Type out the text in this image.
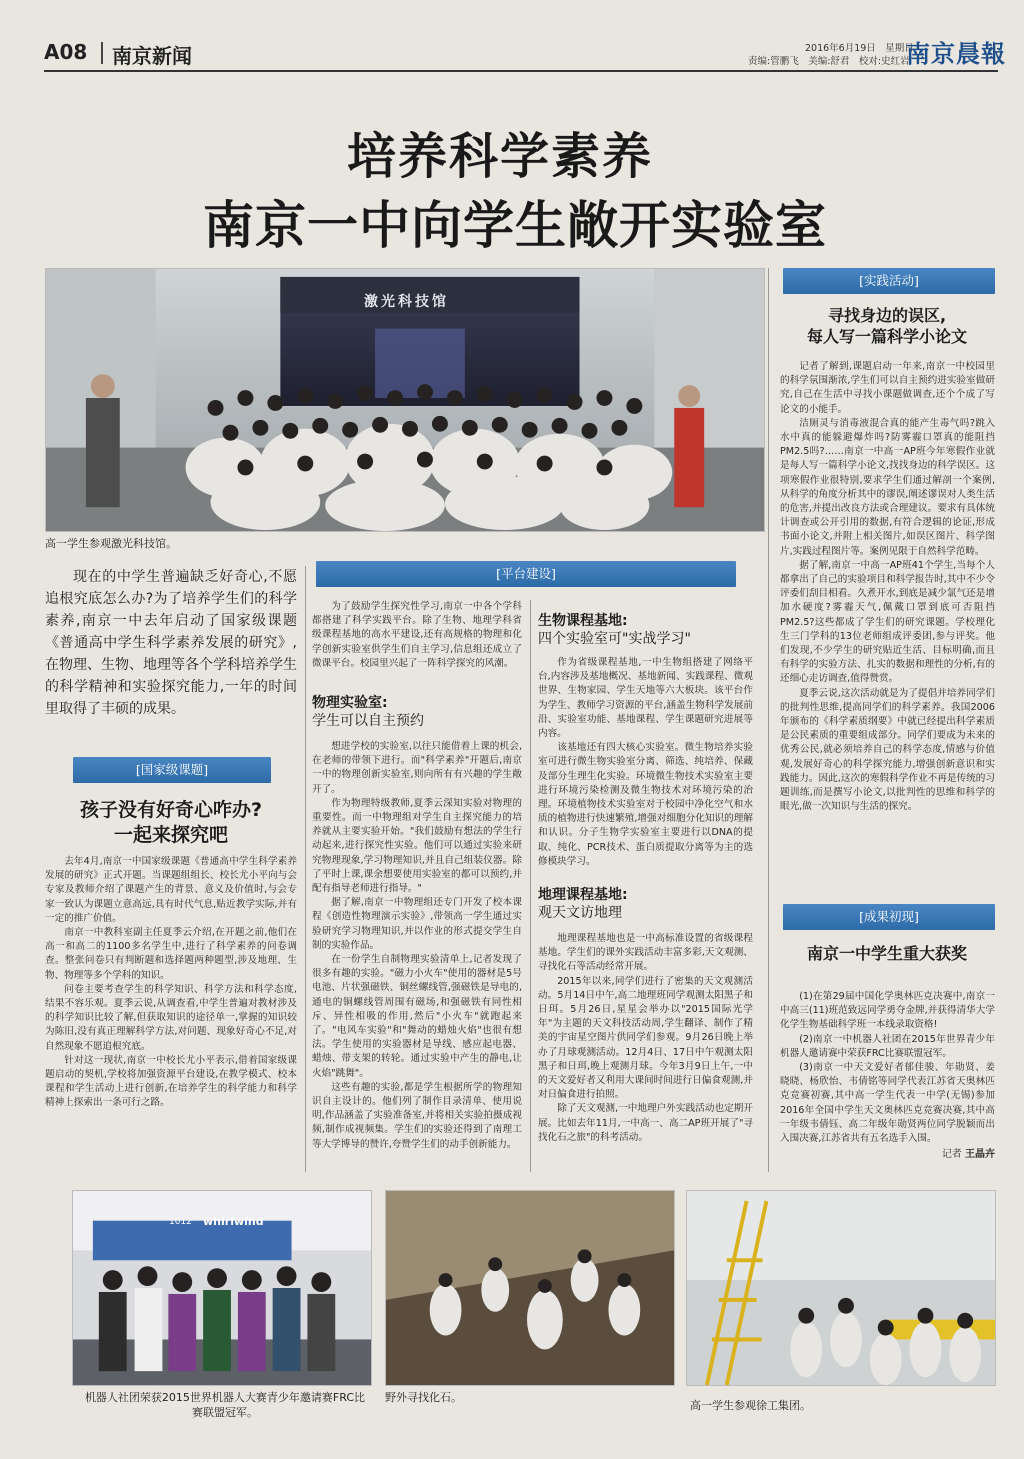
A08 南京新闻	2016年6月19日　星期日
责编:管鹏飞　美编:舒君　校对:史红岩
南京晨報
培养科学素养
南京一中向学生敞开实验室
激光科技馆
高一学生参观激光科技馆。
现在的中学生普遍缺乏好奇心,不愿追根究底怎么办?为了培养学生们的科学素养,南京一中去年启动了国家级课题《普通高中学生科学素养发展的研究》,在物理、生物、地理等各个学科培养学生的科学精神和实验探究能力,一年的时间里取得了丰硕的成果。
[国家级课题]
孩子没有好奇心咋办?
一起来探究吧

去年4月,南京一中国家级课题《普通高中学生科学素养发展的研究》正式开题。当课题组组长、校长尤小平向与会专家及教师介绍了课题产生的背景、意义及价值时,与会专家一致认为课题立意高远,具有时代气息,贴近教学实际,并有一定的推广价值。

南京一中教科室副主任夏季云介绍,在开题之前,他们在高一和高二的1100多名学生中,进行了科学素养的问卷调查。整张问卷只有判断题和选择题两种题型,涉及地理、生物、物理等多个学科的知识。

问卷主要考查学生的科学知识、科学方法和科学态度,结果不容乐观。夏季云说,从调查看,中学生普遍对教材涉及的科学知识比较了解,但获取知识的途径单一,掌握的知识较为陈旧,没有真正理解科学方法,对问题、现象好奇心不足,对自然现象不愿追根究底。

针对这一现状,南京一中校长尤小平表示,借着国家级课题启动的契机,学校将加强资源平台建设,在教学模式、校本课程和学生活动上进行创新,在培养学生的科学能力和科学精神上探索出一条可行之路。

[平台建设]

为了鼓励学生探究性学习,南京一中各个学科都搭建了科学实践平台。除了生物、地理学科省级课程基地的高水平建设,还有高规格的物理和化学创新实验室供学生们自主学习,信息组还成立了微课平台。校园里兴起了一阵科学探究的风潮。

物理实验室:
学生可以自主预约

想进学校的实验室,以往只能借着上课的机会,在老师的带领下进行。而"科学素养"开题后,南京一中的物理创新实验室,则向所有有兴趣的学生敞开了。

作为物理特级教师,夏季云深知实验对物理的重要性。而一中物理组对学生自主探究能力的培养就从主要实验开始。"我们鼓励有想法的学生行动起来,进行探究性实验。他们可以通过实验来研究物理现象,学习物理知识,并且自己组装仪器。除了平时上课,课余想要使用实验室的都可以预约,并配有指导老师进行指导。"

据了解,南京一中物理组还专门开发了校本课程《创造性物理演示实验》,带领高一学生通过实验研究学习物理知识,并以作业的形式提交学生自制的实验作品。

在一份学生自制物理实验清单上,记者发现了很多有趣的实验。"磁力小火车"使用的器材是5号电池、片状强磁铁、铜丝螺线管,强磁铁是导电的,通电的铜螺线管周围有磁场,和强磁铁有同性相斥、异性相吸的作用,然后"小火车"就跑起来了。"电风车实验"和"舞动的蜡烛火焰"也很有想法。学生使用的实验器材是导线、感应起电器、蜡烛、带支架的转轮。通过实验中产生的静电,让火焰"跳舞"。

这些有趣的实验,都是学生根据所学的物理知识自主设计的。他们列了制作目录清单、使用说明,作品涵盖了实验准备室,并将相关实验拍摄成视频,制作成视频集。学生们的实验还得到了南理工等大学博导的赞许,夸赞学生们的动手创新能力。

生物课程基地:
四个实验室可"实战学习"

作为省级课程基地,一中生物组搭建了网络平台,内容涉及基地概况、基地新闻、实践课程、微观世界、生物家园、学生天地等六大板块。该平台作为学生、教师学习资源的平台,涵盖生物科学发展前沿、实验室功能、基地课程、学生课题研究进展等内容。

该基地还有四大核心实验室。微生物培养实验室可进行微生物实验室分离、筛选、纯培养、保藏及部分生理生化实验。环境微生物技术实验室主要进行环境污染检测及微生物技术对环境污染的治理。环境植物技术实验室对于校园中净化空气和水质的植物进行快速繁殖,增强对细胞分化知识的理解和认识。分子生物学实验室主要进行以DNA的提取、纯化、PCR技术、蛋白质提取分离等为主的选修模块学习。

地理课程基地:
观天文访地理

地理课程基地也是一中高标准设置的省级课程基地。学生们的课外实践活动丰富多彩,天文观测、寻找化石等活动经常开展。

2015年以来,同学们进行了密集的天文观测活动。5月14日中午,高二地理班同学观测太阳黑子和日珥。5月26日,星星会举办以"2015国际光学年"为主题的天文科技活动周,学生翻译、制作了精美的宇宙星空图片供同学们参观。9月26日晚上举办了月球观测活动。12月4日、17日中午观测太阳黑子和日珥,晚上观测月球。今年3月9日上午,一中的天文爱好者又利用大课间时间进行日偏食观测,并对日偏食进行拍照。

除了天文观测,一中地理户外实践活动也定期开展。比如去年11月,一中高一、高二AP班开展了"寻找化石之旅"的科考活动。

[实践活动]
寻找身边的误区,
每人写一篇科学小论文

记者了解到,课题启动一年来,南京一中校园里的科学氛围渐浓,学生们可以自主预约进实验室做研究,自己在生活中寻找小课题做调查,还个个成了写论文的小能手。

洁厕灵与消毒液混合真的能产生毒气吗?跳入水中真的能躲避爆炸吗?防雾霾口罩真的能阻挡PM2.5吗?……南京一中高一AP班今年寒假作业就是每人写一篇科学小论文,找找身边的科学误区。这项寒假作业很特别,要求学生们通过解剖一个案例,从科学的角度分析其中的谬误,阐述谬误对人类生活的危害,并提出改良方法或合理建议。要求有具体统计调查或公开引用的数据,有符合逻辑的论证,形成书面小论文,并附上相关图片,如误区图片、科学图片,实践过程图片等。案例见限于自然科学范畴。

据了解,南京一中高一AP班41个学生,当每个人都拿出了自己的实验项目和科学报告时,其中不少令评委们刮目相看。久煮开水,到底是减少氯气还是增加水硬度?雾霾天气,佩戴口罩到底可否阻挡PM2.5?这些都成了学生们的研究课题。学校理化生三门学科的13位老师组成评委团,参与评奖。他们发现,不少学生的研究贴近生活、目标明确,而且有科学的实验方法、扎实的数据和理性的分析,有的还细心走访调查,值得赞赏。

夏季云说,这次活动就是为了提倡并培养同学们的批判性思维,提高同学们的科学素养。我国2006年颁布的《科学素质纲要》中就已经提出科学素质是公民素质的重要组成部分。同学们要成为未来的优秀公民,就必须培养自己的科学态度,情感与价值观,发展好奇心的科学探究能力,增强创新意识和实践能力。因此,这次的寒假科学作业不再是传统的习题训练,而是撰写小论文,以批判性的思维和科学的眼光,做一次知识与生活的探究。

[成果初现]
南京一中学生重大获奖

(1)在第29届中国化学奥林匹克决赛中,南京一中高三(11)班范致远同学勇夺金牌,并获得清华大学化学生物基础科学班一本线录取资格!

(2)南京一中机器人社团在2015年世界青少年机器人邀请赛中荣获FRC比赛联盟冠军。

(3)南京一中天文爱好者郁佳骏、年勋贤、姜晓晓、杨欣怡、韦倩铭等同学代表江苏省天奥林匹克竞赛初赛,其中高一学生代表一中学(无锡)参加2016年全国中学生天文奥林匹克竞赛决赛,其中高一年级韦倩钰、高二年级年勋贤两位同学脱颖而出入围决赛,江苏省共有五名选手入围。

记者 王晶卉
1012 whirlwind
机器人社团荣获2015世界机器人大赛青少年邀请赛FRC比赛联盟冠军。
野外寻找化石。
高一学生参观徐工集团。
